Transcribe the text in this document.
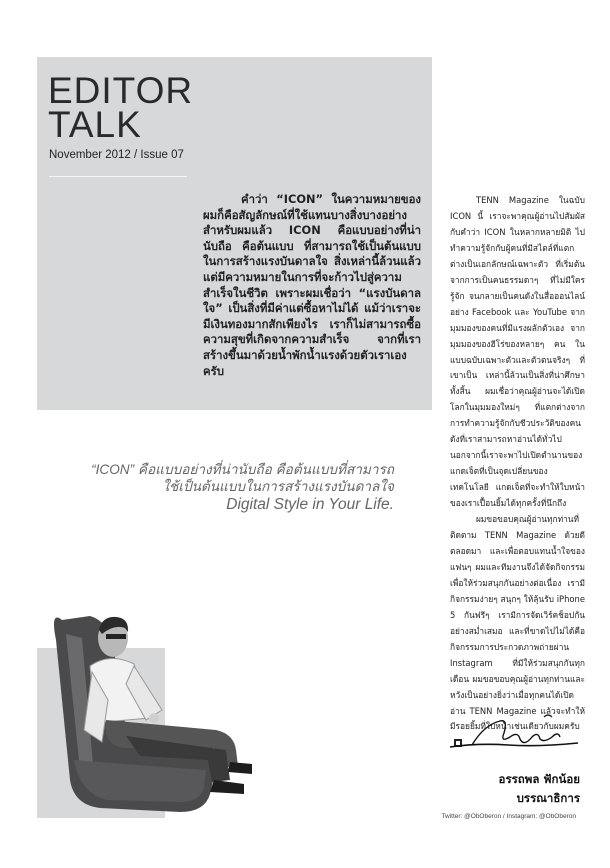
EDITOR
TALK
November 2012 / Issue 07

คำว่า “ICON” ในความหมายของผมก็คือสัญลักษณ์ที่ใช้แทนบางสิ่งบางอย่าง สำหรับผมแล้ว ICON คือแบบอย่างที่น่านับถือ คือต้นแบบ ที่สามารถใช้เป็นต้นแบบในการสร้างแรงบันดาลใจ สิ่งเหล่านี้ล้วนแล้วแต่มีความหมายในการที่จะก้าวไปสู่ความสำเร็จในชีวิต เพราะผมเชื่อว่า “แรงบันดาลใจ” เป็นสิ่งที่มีค่าแต่ซื้อหาไม่ได้ แม้ว่าเราจะมีเงินทองมากสักเพียงไร เราก็ไม่สามารถซื้อความสุขที่เกิดจากความสำเร็จ จากที่เราสร้างขึ้นมาด้วยน้ำพักน้ำแรงด้วยตัวเราเองครับ

“ICON” คือแบบอย่างที่น่านับถือ คือต้นแบบที่สามารถ
ใช้เป็นต้นแบบในการสร้างแรงบันดาลใจ
Digital Style in Your Life.

TENN Magazine ในฉบับ ICON นี้ เราจะพาคุณผู้อ่านไปสัมผัสกับคำว่า ICON ในหลากหลายมิติ ไปทำความรู้จักกับผู้คนที่มีสไตล์ที่แตกต่างเป็นเอกลักษณ์เฉพาะตัว ที่เริ่มต้นจากการเป็นคนธรรมดาๆ ที่ไม่มีใครรู้จัก จนกลายเป็นคนดังในสื่อออนไลน์อย่าง Facebook และ YouTube จากมุมมองของคนที่มีแรงผลักตัวเอง จากมุมมองของฮีโร่ของหลายๆ คน ในแบบฉบับเฉพาะตัวและตัวตนจริงๆ ที่เขาเป็น เหล่านี้ล้วนเป็นสิ่งที่น่าศึกษาทั้งสิ้น ผมเชื่อว่าคุณผู้อ่านจะได้เปิดโลกในมุมมองใหม่ๆ ที่แตกต่างจากการทำความรู้จักกับชีวประวัติของคนดังที่เราสามารถหาอ่านได้ทั่วไป นอกจากนี้เราจะพาไปเปิดตำนานของแกดเจ็ตที่เป็นจุดเปลี่ยนของเทคโนโลยี แกดเจ็ตที่จะทำให้ใบหน้าของเราเปื้อนยิ้มได้ทุกครั้งที่นึกถึง

ผมขอขอบคุณผู้อ่านทุกท่านที่ติดตาม TENN Magazine ด้วยดีตลอดมา และเพื่อตอบแทนน้ำใจของแฟนๆ ผมและทีมงานจึงได้จัดกิจกรรมเพื่อให้ร่วมสนุกกันอย่างต่อเนื่อง เรามีกิจกรรมง่ายๆ สนุกๆ ให้ลุ้นรับ iPhone 5 กันฟรีๆ เรามีการจัดเวิร์คช็อปกันอย่างสม่ำเสมอ และที่ขาดไปไม่ได้คือกิจกรรมการประกวดภาพถ่ายผ่าน Instagram ที่มีให้ร่วมสนุกกันทุกเดือน ผมขอขอบคุณผู้อ่านทุกท่านและหวังเป็นอย่างยิ่งว่าเมื่อทุกคนได้เปิดอ่าน TENN Magazine แล้วจะทำให้มีรอยยิ้มที่ใบหน้าเช่นเดียวกับผมครับ

อรรถพล ฟักน้อย
บรรณาธิการ
Twitter: @ObOberon / Instagram: @ObOberon
